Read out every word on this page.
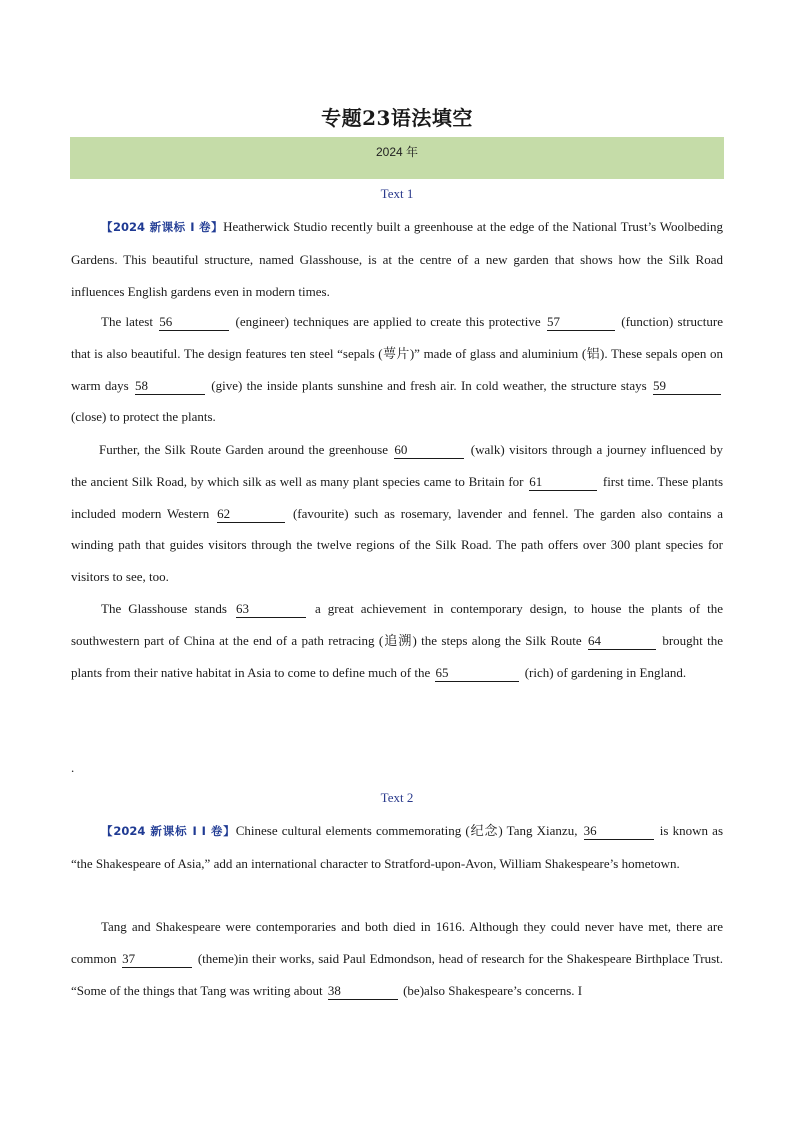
专题23语法填空
2024 年
Text 1
【2024 新课标 I 卷】Heatherwick Studio recently built a greenhouse at the edge of the National Trust’s Woolbeding Gardens. This beautiful structure, named Glasshouse, is at the centre of a new garden that shows how the Silk Road influences English gardens even in modern times.
The latest 56	(engineer) techniques are applied to create this protective 57	(function) structure that is also beautiful. The design features ten steel “sepals (萼片)” made of glass and aluminium (铝). These sepals open on warm days 58	(give) the inside plants sunshine and fresh air. In cold weather, the structure stays 59 (close) to protect the plants.
Further, the Silk Route Garden around the greenhouse 60	(walk) visitors through a journey influenced by the ancient Silk Road, by which silk as well as many plant species came to Britain for 61	first time. These plants included modern Western 62	(favourite) such as rosemary, lavender and fennel. The garden also contains a winding path that guides visitors through the twelve regions of the Silk Road. The path offers over 300 plant species for visitors to see, too.
The Glasshouse stands 63	a great achievement in contemporary design, to house the plants of the southwestern part of China at the end of a path retracing (追溯) the steps along the Silk Route 64	brought the plants from their native habitat in Asia to come to define much of the 65	(rich) of gardening in England.
.
Text 2
【2024 新课标 I I 卷】Chinese cultural elements commemorating (纪念) Tang Xianzu, 36	is known as “the Shakespeare of Asia,” add an international character to Stratford-upon-Avon, William Shakespeare’s hometown.
Tang and Shakespeare were contemporaries and both died in 1616. Although they could never have met, there are common 37	(theme)in their works, said Paul Edmondson, head of research for the Shakespeare Birthplace Trust. “Some of the things that Tang was writing about 38	(be)also Shakespeare’s concerns. I
